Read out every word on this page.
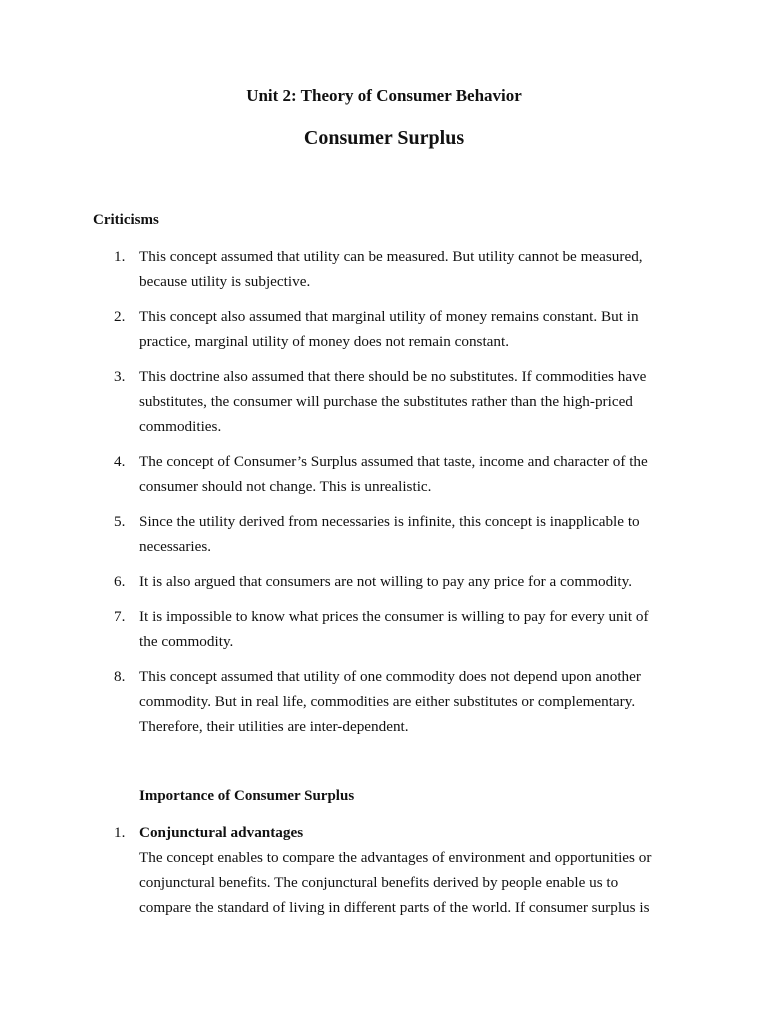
Unit 2: Theory of Consumer Behavior
Consumer Surplus
Criticisms
1. This concept assumed that utility can be measured. But utility cannot be measured, because utility is subjective.
2. This concept also assumed that marginal utility of money remains constant. But in practice, marginal utility of money does not remain constant.
3. This doctrine also assumed that there should be no substitutes. If commodities have substitutes, the consumer will purchase the substitutes rather than the high-priced commodities.
4. The concept of Consumer’s Surplus assumed that taste, income and character of the consumer should not change. This is unrealistic.
5. Since the utility derived from necessaries is infinite, this concept is inapplicable to necessaries.
6. It is also argued that consumers are not willing to pay any price for a commodity.
7. It is impossible to know what prices the consumer is willing to pay for every unit of the commodity.
8. This concept assumed that utility of one commodity does not depend upon another commodity. But in real life, commodities are either substitutes or complementary. Therefore, their utilities are inter-dependent.
Importance of Consumer Surplus
1. Conjunctural advantages
The concept enables to compare the advantages of environment and opportunities or conjunctural benefits. The conjunctural benefits derived by people enable us to compare the standard of living in different parts of the world. If consumer surplus is
